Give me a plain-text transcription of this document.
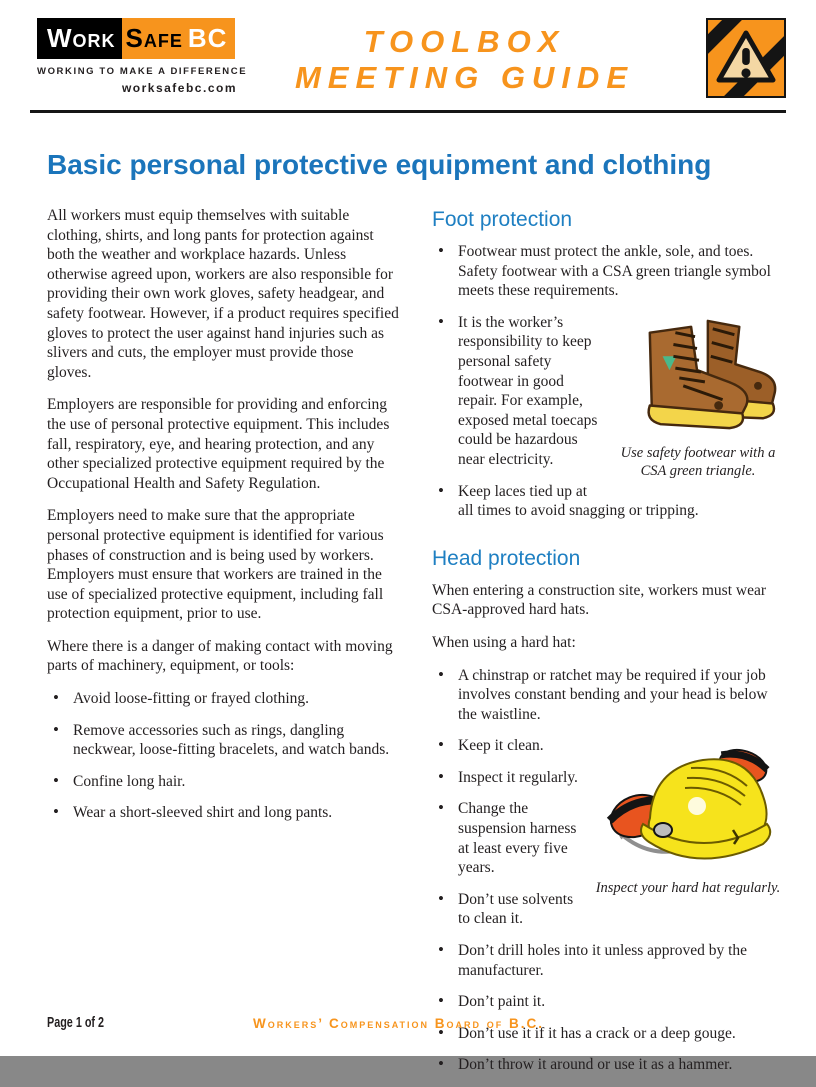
Work Safe BC
WORKING TO MAKE A DIFFERENCE
worksafebc.com
TOOLBOX
MEETING GUIDE
Basic personal protective equipment and clothing

All workers must equip themselves with suitable clothing, shirts, and long pants for protection against both the weather and workplace hazards. Unless otherwise agreed upon, workers are also responsible for providing their own work gloves, safety headgear, and safety footwear. However, if a product requires specified gloves to protect the user against hand injuries such as slivers and cuts, the employer must provide those gloves.

Employers are responsible for providing and enforcing the use of personal protective equipment. This includes fall, respiratory, eye, and hearing protection, and any other specialized protective equipment required by the Occupational Health and Safety Regulation.

Employers need to make sure that the appropriate personal protective equipment is identified for various phases of construction and is being used by workers. Employers must ensure that workers are trained in the use of specialized protective equipment, including fall protection equipment, prior to use.

Where there is a danger of making contact with moving parts of machinery, equipment, or tools:

• Avoid loose-fitting or frayed clothing.
• Remove accessories such as rings, dangling neckwear, loose-fitting bracelets, and watch bands.
• Confine long hair.
• Wear a short-sleeved shirt and long pants.
Foot protection
• Footwear must protect the ankle, sole, and toes. Safety footwear with a CSA green triangle symbol meets these requirements.
Use safety footwear with a CSA green triangle.
• It is the worker’s responsibility to keep personal safety footwear in good repair. For example, exposed metal toecaps could be hazardous near electricity.
• Keep laces tied up at all times to avoid snagging or tripping.
Head protection

When entering a construction site, workers must wear CSA-approved hard hats.

When using a hard hat:

• A chinstrap or ratchet may be required if your job involves constant bending and your head is below the waistline.
Inspect your hard hat regularly.
• Keep it clean.
• Inspect it regularly.
• Change the suspension harness at least every five years.
• Don’t use solvents to clean it.
• Don’t drill holes into it unless approved by the manufacturer.
• Don’t paint it.
• Don’t use it if it has a crack or a deep gouge.
• Don’t throw it around or use it as a hammer.
Page 1 of 2	Workers’ Compensation Board of B.C.
